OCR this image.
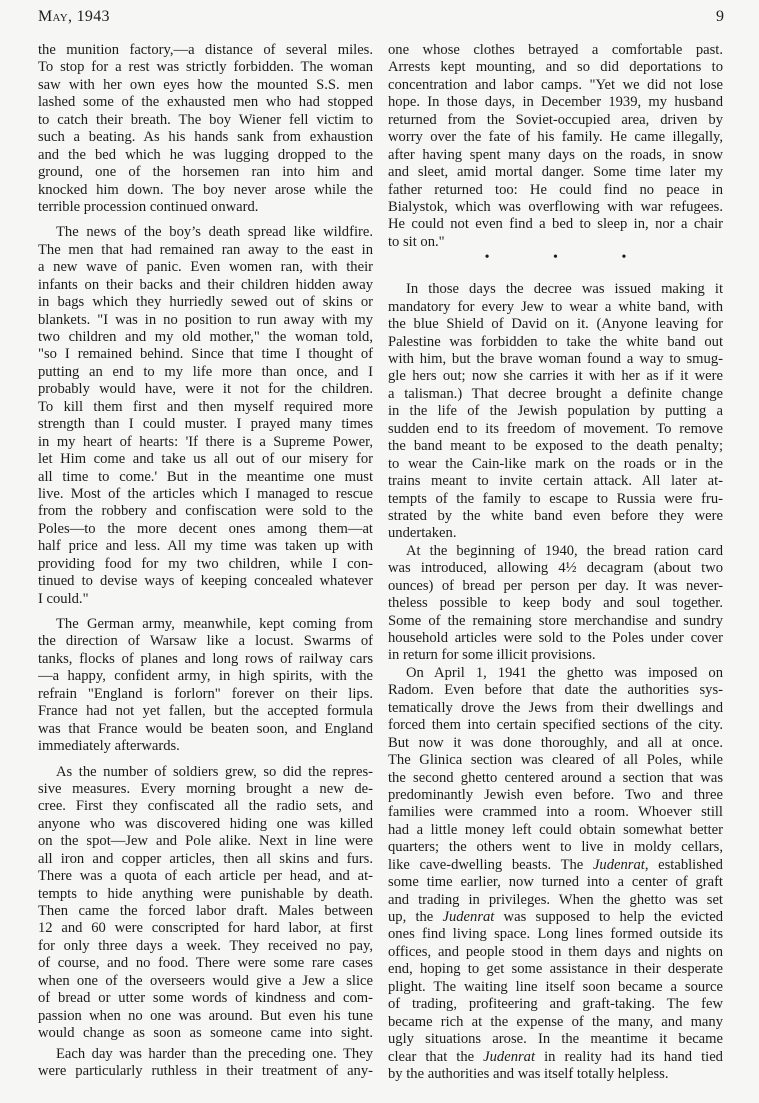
May, 1943	9
the munition factory,—a distance of several miles.
To stop for a rest was strictly forbidden. The woman
saw with her own eyes how the mounted S.S. men
lashed some of the exhausted men who had stopped
to catch their breath. The boy Wiener fell victim to
such a beating. As his hands sank from exhaustion
and the bed which he was lugging dropped to the
ground, one of the horsemen ran into him and
knocked him down. The boy never arose while the
terrible procession continued onward.
The news of the boy’s death spread like wildfire.
The men that had remained ran away to the east in
a new wave of panic. Even women ran, with their
infants on their backs and their children hidden away
in bags which they hurriedly sewed out of skins or
blankets. "I was in no position to run away with my
two children and my old mother," the woman told,
"so I remained behind. Since that time I thought of
putting an end to my life more than once, and I
probably would have, were it not for the children.
To kill them first and then myself required more
strength than I could muster. I prayed many times
in my heart of hearts: 'If there is a Supreme Power,
let Him come and take us all out of our misery for
all time to come.' But in the meantime one must
live. Most of the articles which I managed to rescue
from the robbery and confiscation were sold to the
Poles—to the more decent ones among them—at
half price and less. All my time was taken up with
providing food for my two children, while I con-
tinued to devise ways of keeping concealed whatever
I could."
The German army, meanwhile, kept coming from
the direction of Warsaw like a locust. Swarms of
tanks, flocks of planes and long rows of railway cars
—a happy, confident army, in high spirits, with the
refrain "England is forlorn" forever on their lips.
France had not yet fallen, but the accepted formula
was that France would be beaten soon, and England
immediately afterwards.
As the number of soldiers grew, so did the repres-
sive measures. Every morning brought a new de-
cree. First they confiscated all the radio sets, and
anyone who was discovered hiding one was killed
on the spot—Jew and Pole alike. Next in line were
all iron and copper articles, then all skins and furs.
There was a quota of each article per head, and at-
tempts to hide anything were punishable by death.
Then came the forced labor draft. Males between
12 and 60 were conscripted for hard labor, at first
for only three days a week. They received no pay,
of course, and no food. There were some rare cases
when one of the overseers would give a Jew a slice
of bread or utter some words of kindness and com-
passion when no one was around. But even his tune
would change as soon as someone came into sight.
Each day was harder than the preceding one. They
were particularly ruthless in their treatment of any-
one whose clothes betrayed a comfortable past.
Arrests kept mounting, and so did deportations to
concentration and labor camps. "Yet we did not lose
hope. In those days, in December 1939, my husband
returned from the Soviet-occupied area, driven by
worry over the fate of his family. He came illegally,
after having spent many days on the roads, in snow
and sleet, amid mortal danger. Some time later my
father returned too: He could find no peace in
Bialystok, which was overflowing with war refugees.
He could not even find a bed to sleep in, nor a chair
to sit on."
• • •
In those days the decree was issued making it
mandatory for every Jew to wear a white band, with
the blue Shield of David on it. (Anyone leaving for
Palestine was forbidden to take the white band out
with him, but the brave woman found a way to smug-
gle hers out; now she carries it with her as if it were
a talisman.) That decree brought a definite change
in the life of the Jewish population by putting a
sudden end to its freedom of movement. To remove
the band meant to be exposed to the death penalty;
to wear the Cain-like mark on the roads or in the
trains meant to invite certain attack. All later at-
tempts of the family to escape to Russia were fru-
strated by the white band even before they were
undertaken.
At the beginning of 1940, the bread ration card
was introduced, allowing 4½ decagram (about two
ounces) of bread per person per day. It was never-
theless possible to keep body and soul together.
Some of the remaining store merchandise and sundry
household articles were sold to the Poles under cover
in return for some illicit provisions.
On April 1, 1941 the ghetto was imposed on
Radom. Even before that date the authorities sys-
tematically drove the Jews from their dwellings and
forced them into certain specified sections of the city.
But now it was done thoroughly, and all at once.
The Glinica section was cleared of all Poles, while
the second ghetto centered around a section that was
predominantly Jewish even before. Two and three
families were crammed into a room. Whoever still
had a little money left could obtain somewhat better
quarters; the others went to live in moldy cellars,
like cave-dwelling beasts. The Judenrat, established
some time earlier, now turned into a center of graft
and trading in privileges. When the ghetto was set
up, the Judenrat was supposed to help the evicted
ones find living space. Long lines formed outside its
offices, and people stood in them days and nights on
end, hoping to get some assistance in their desperate
plight. The waiting line itself soon became a source
of trading, profiteering and graft-taking. The few
became rich at the expense of the many, and many
ugly situations arose. In the meantime it became
clear that the Judenrat in reality had its hand tied
by the authorities and was itself totally helpless.
